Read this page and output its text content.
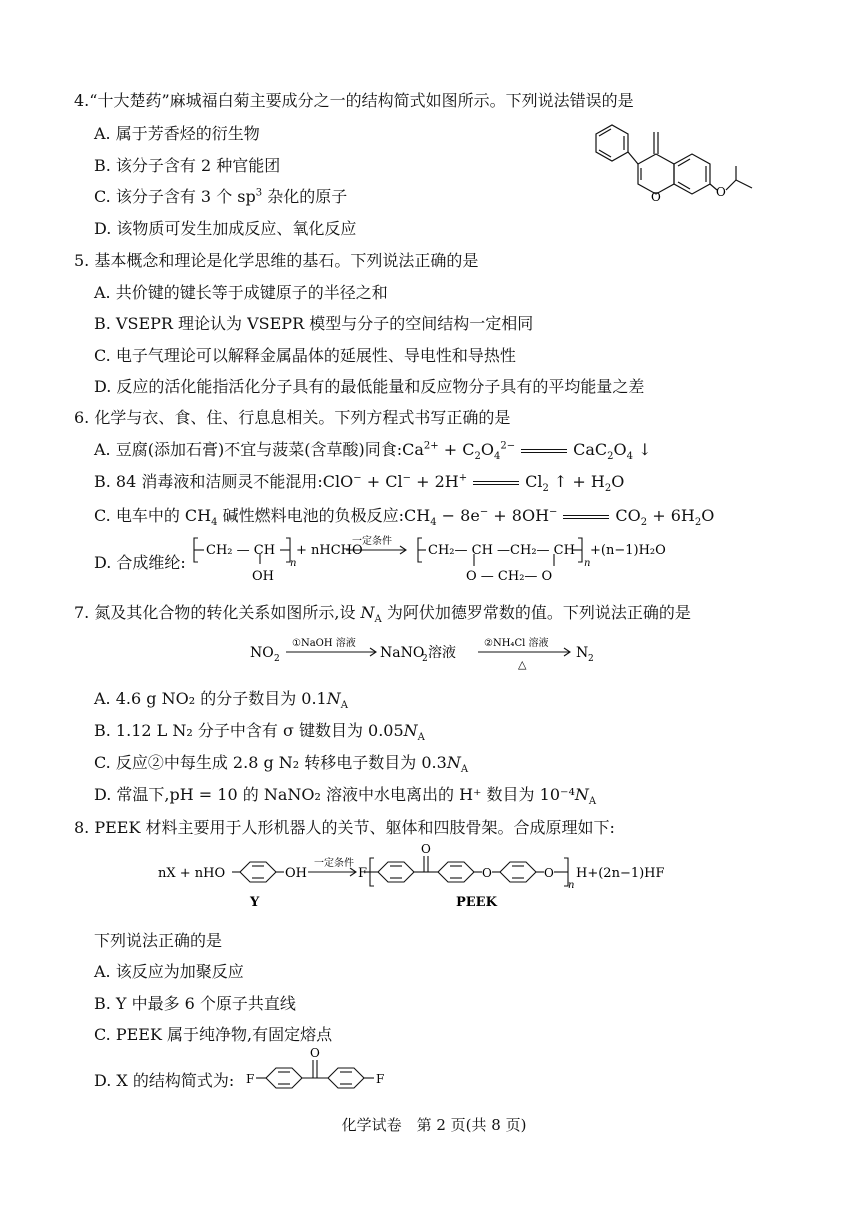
4.“十大楚药”麻城福白菊主要成分之一的结构简式如图所示。下列说法错误的是
A. 属于芳香烃的衍生物
B. 该分子含有 2 种官能团
C. 该分子含有 3 个 $sp^3$ 杂化的原子
D. 该物质可发生加成反应、氧化反应
O	O
5. 基本概念和理论是化学思维的基石。下列说法正确的是
A. 共价键的键长等于成键原子的半径之和
B. VSEPR 理论认为 VSEPR 模型与分子的空间结构一定相同
C. 电子气理论可以解释金属晶体的延展性、导电性和导热性
D. 反应的活化能指活化分子具有的最低能量和反应物分子具有的平均能量之差
6. 化学与衣、食、住、行息息相关。下列方程式书写正确的是
A. 豆腐(添加石膏)不宜与菠菜(含草酸)同食$:Ca^{2+} + C_2O_4^{2-}$	$CaC_2O_4$ ↓
B. 84 消毒液和洁厕灵不能混用:ClO− + Cl− + 2H+	$Cl_2$ ↑ + $H_2O$
C. 电车中的 $CH_4$ 碱性燃料电池的负极反应$:CH_4 - 8e^- + 8OH^-$	$CO_2 + 6H_2O$
D. 合成维纶:
CH₂ — CH
n
OH
+ nHCHO
一定条件
CH₂— CH —CH₂— CH
n
O — CH₂— O
+(n−1)H₂O
7. 氮及其化合物的转化关系如图所示,设 $N_A$ 为阿伏加德罗常数的值。下列说法正确的是
NO 2
①NaOH 溶液
NaNO
2 溶液
②NH₄Cl 溶液
△
N 2
A. 4.6 g NO₂ 的分子数目为 $0.1N_A$
B. 1.12 L N₂ 分子中含有 σ 键数目为 $0.05N_A$
C. 反应②中每生成 2.8 g N₂ 转移电子数目为 $0.3N_A$
D. 常温下,pH = 10 的 NaNO₂ 溶液中水电离出的 H⁺ 数目为 $10^{-4}N_A$
8. PEEK 材料主要用于人形机器人的关节、躯体和四肢骨架。合成原理如下:
nX + nHO	OH
一定条件
F
O
O	O
n
H+(2n−1)HF
Y	PEEK
下列说法正确的是
A. 该反应为加聚反应
B. Y 中最多 6 个原子共直线
C. PEEK 属于纯净物,有固定熔点
D. X 的结构简式为: F
O
F
化学试卷　第 2 页(共 8 页)
